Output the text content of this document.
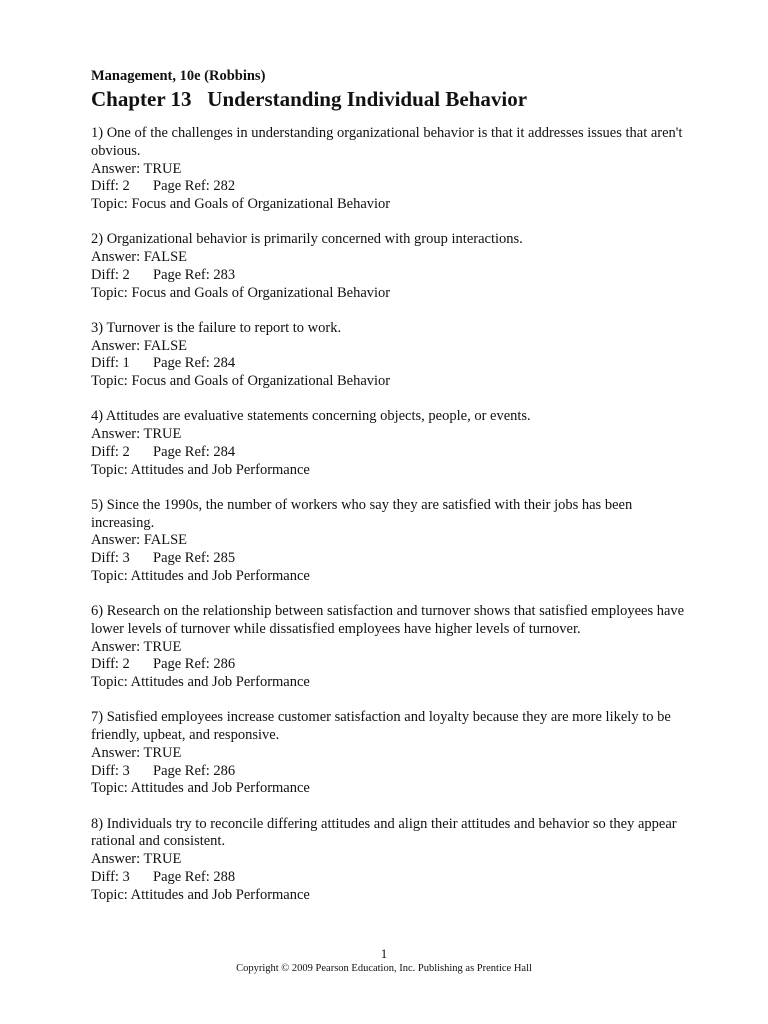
Management, 10e (Robbins)
Chapter 13   Understanding Individual Behavior
1) One of the challenges in understanding organizational behavior is that it addresses issues that aren't obvious.
Answer: TRUE
Diff: 2 Page Ref: 282
Topic: Focus and Goals of Organizational Behavior
2) Organizational behavior is primarily concerned with group interactions.
Answer: FALSE
Diff: 2 Page Ref: 283
Topic: Focus and Goals of Organizational Behavior
3) Turnover is the failure to report to work.
Answer: FALSE
Diff: 1 Page Ref: 284
Topic: Focus and Goals of Organizational Behavior
4) Attitudes are evaluative statements concerning objects, people, or events.
Answer: TRUE
Diff: 2 Page Ref: 284
Topic: Attitudes and Job Performance
5) Since the 1990s, the number of workers who say they are satisfied with their jobs has been increasing.
Answer: FALSE
Diff: 3 Page Ref: 285
Topic: Attitudes and Job Performance
6) Research on the relationship between satisfaction and turnover shows that satisfied employees have lower levels of turnover while dissatisfied employees have higher levels of turnover.
Answer: TRUE
Diff: 2 Page Ref: 286
Topic: Attitudes and Job Performance
7) Satisfied employees increase customer satisfaction and loyalty because they are more likely to be friendly, upbeat, and responsive.
Answer: TRUE
Diff: 3 Page Ref: 286
Topic: Attitudes and Job Performance
8) Individuals try to reconcile differing attitudes and align their attitudes and behavior so they appear rational and consistent.
Answer: TRUE
Diff: 3 Page Ref: 288
Topic: Attitudes and Job Performance
1
Copyright © 2009 Pearson Education, Inc. Publishing as Prentice Hall
